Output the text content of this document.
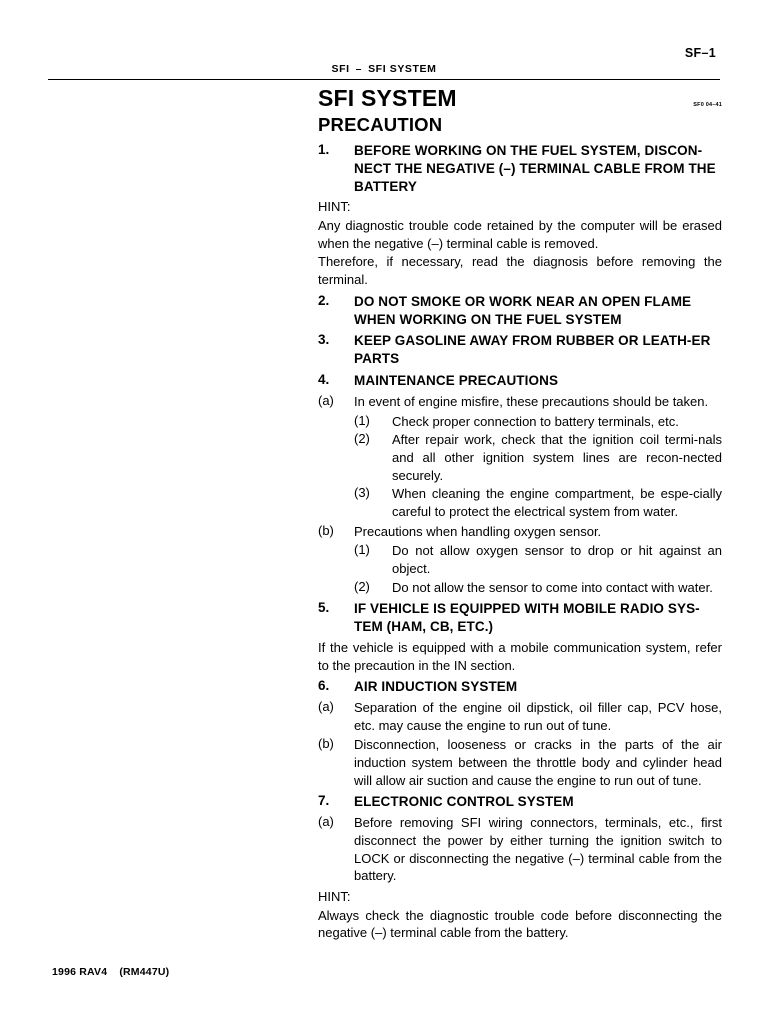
SF–1
SFI – SFI SYSTEM
SF0 04–41
SFI SYSTEM
PRECAUTION
1.	BEFORE WORKING ON THE FUEL SYSTEM, DISCON-NECT THE NEGATIVE (–) TERMINAL CABLE FROM THE BATTERY
HINT:
Any diagnostic trouble code retained by the computer will be erased when the negative (–) terminal cable is removed.
Therefore, if necessary, read the diagnosis before removing the terminal.
2.	DO NOT SMOKE OR WORK NEAR AN OPEN FLAME WHEN WORKING ON THE FUEL SYSTEM
3.	KEEP GASOLINE AWAY FROM RUBBER OR LEATH-ER PARTS
4.	MAINTENANCE PRECAUTIONS
(a)	In event of engine misfire, these precautions should be taken.
(1)	Check proper connection to battery terminals, etc.
(2)	After repair work, check that the ignition coil termi-nals and all other ignition system lines are recon-nected securely.
(3)	When cleaning the engine compartment, be espe-cially careful to protect the electrical system from water.
(b)	Precautions when handling oxygen sensor.
(1)	Do not allow oxygen sensor to drop or hit against an object.
(2)	Do not allow the sensor to come into contact with water.
5.	IF VEHICLE IS EQUIPPED WITH MOBILE RADIO SYS-TEM (HAM, CB, ETC.)
If the vehicle is equipped with a mobile communication system, refer to the precaution in the IN section.
6.	AIR INDUCTION SYSTEM
(a)	Separation of the engine oil dipstick, oil filler cap, PCV hose, etc. may cause the engine to run out of tune.
(b)	Disconnection, looseness or cracks in the parts of the air induction system between the throttle body and cylinder head will allow air suction and cause the engine to run out of tune.
7.	ELECTRONIC CONTROL SYSTEM
(a)	Before removing SFI wiring connectors, terminals, etc., first disconnect the power by either turning the ignition switch to LOCK or disconnecting the negative (–) terminal cable from the battery.
HINT:
Always check the diagnostic trouble code before disconnecting the negative (–) terminal cable from the battery.
1996 RAV4 (RM447U)
